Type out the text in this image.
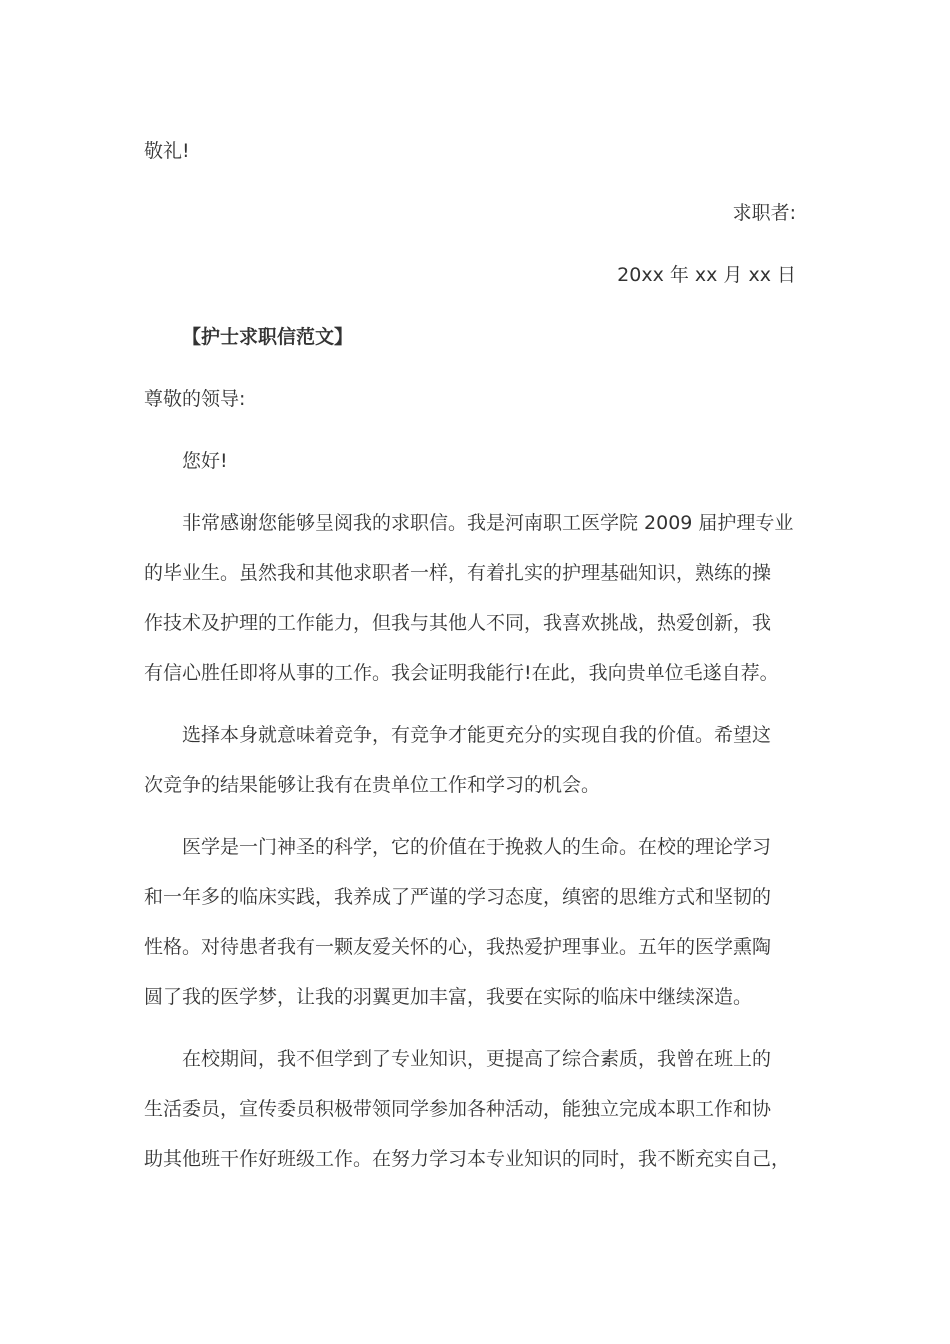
敬礼!
求职者:
20xx 年 xx 月 xx 日
【护士求职信范文】
尊敬的领导:
您好!
非常感谢您能够呈阅我的求职信。我是河南职工医学院 2009 届护理专业
的毕业生。虽然我和其他求职者一样，有着扎实的护理基础知识，熟练的操
作技术及护理的工作能力，但我与其他人不同，我喜欢挑战，热爱创新，我
有信心胜任即将从事的工作。我会证明我能行!在此，我向贵单位毛遂自荐。
选择本身就意味着竞争，有竞争才能更充分的实现自我的价值。希望这
次竞争的结果能够让我有在贵单位工作和学习的机会。
医学是一门神圣的科学，它的价值在于挽救人的生命。在校的理论学习
和一年多的临床实践，我养成了严谨的学习态度，缜密的思维方式和坚韧的
性格。对待患者我有一颗友爱关怀的心，我热爱护理事业。五年的医学熏陶
圆了我的医学梦，让我的羽翼更加丰富，我要在实际的临床中继续深造。
在校期间，我不但学到了专业知识，更提高了综合素质，我曾在班上的
生活委员，宣传委员积极带领同学参加各种活动，能独立完成本职工作和协
助其他班干作好班级工作。在努力学习本专业知识的同时，我不断充实自己，
